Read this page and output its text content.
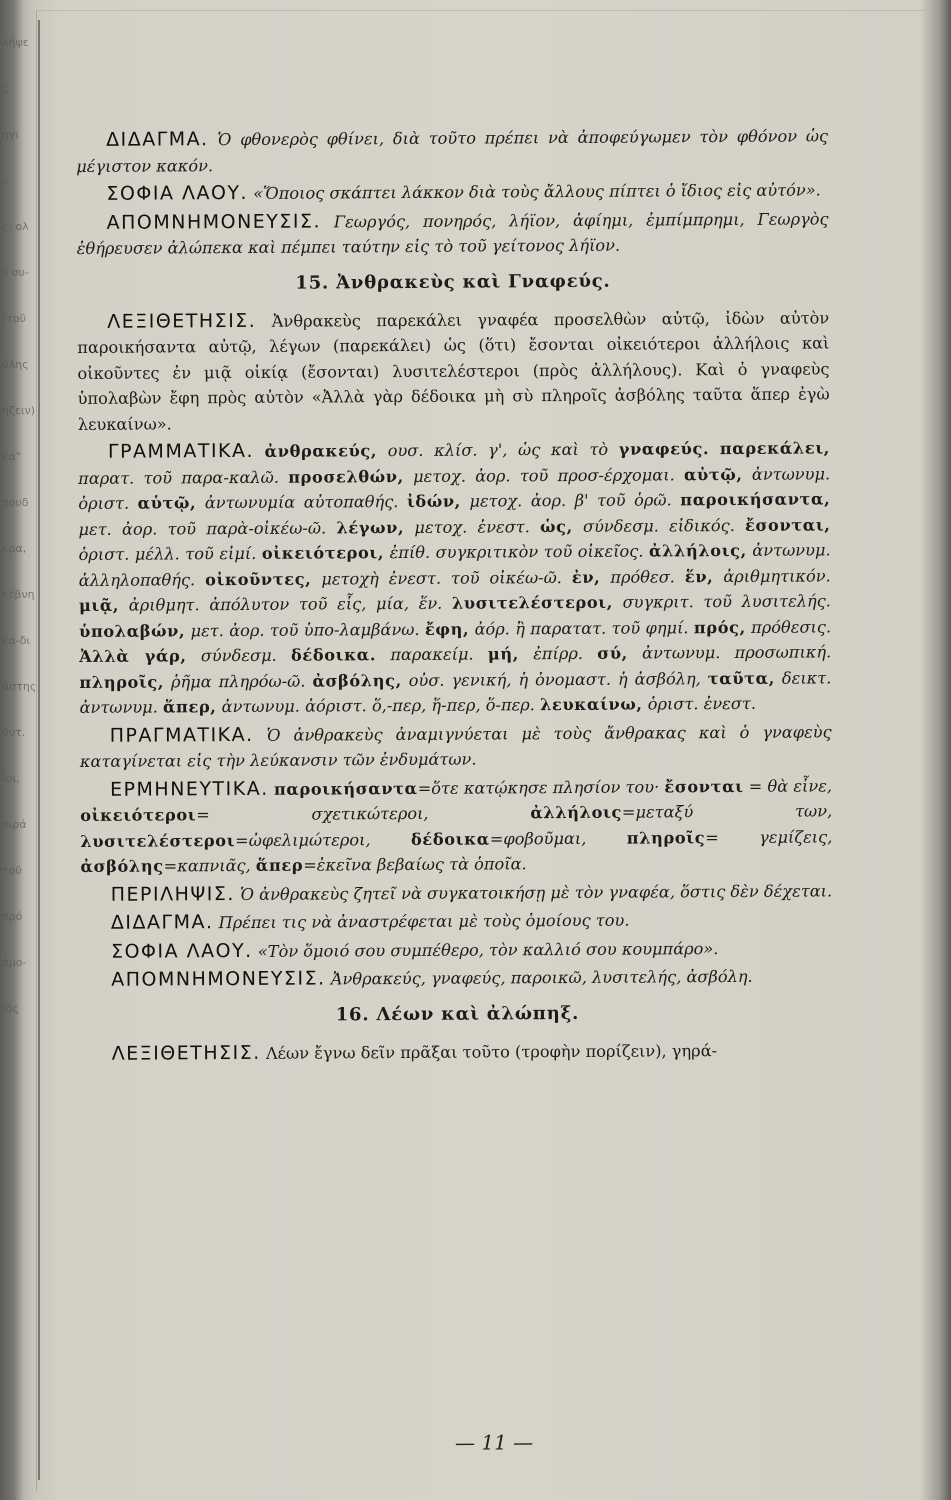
λήψε
ς
ηγι
ν
ς, ολ
ν συ-
(τοῦ
όλης
ήζειν)
κα"
πουδ
κρα,
κέβνη
κα-δι
ἀστης
θυτ.
ΐοι,
πιρά
τοῦ
πρό
ὁμο-
ἰός

ΔΙΔΑΓΜΑ. Ὁ φθονερὸς φθίνει, διὰ τοῦτο πρέπει νὰ ἀποφεύγωμεν τὸν φθόνον ὡς μέγιστον κακόν.

ΣΟΦΙΑ ΛΑΟΥ. «Ὅποιος σκάπτει λάκκον διὰ τοὺς ἄλλους πίπτει ὁ ἴδιος εἰς αὐτόν».

ΑΠΟΜΝΗΜΟΝΕΥΣΙΣ. Γεωργός, πονηρός, λήϊον, ἀφίημι, ἐμπίμπρημι, Γεωργὸς ἐθήρευσεν ἀλώπεκα καὶ πέμπει ταύτην εἰς τὸ τοῦ γείτονος λήϊον.

15. Ἀνθρακεὺς καὶ Γναφεύς.

ΛΕΞΙΘΕΤΗΣΙΣ. Ἀνθρακεὺς παρεκάλει γναφέα προσελθὼν αὐτῷ, ἰδὼν αὐτὸν παροικήσαντα αὐτῷ, λέγων (παρεκάλει) ὡς (ὅτι) ἔσονται οἰκειότεροι ἀλλήλοις καὶ οἰκοῦντες ἐν μιᾷ οἰκίᾳ (ἔσονται) λυσιτελέστεροι (πρὸς ἀλλήλους). Καὶ ὁ γναφεὺς ὑπολαβὼν ἔφη πρὸς αὐτὸν «Ἀλλὰ γὰρ δέδοικα μὴ σὺ πληροῖς ἀσβόλης ταῦτα ἅπερ ἐγὼ λευκαίνω».

ΓΡΑΜΜΑΤΙΚΑ. ἀνθρακεύς, ουσ. κλίσ. γ', ὡς καὶ τὸ γναφεύς. παρεκάλει, παρατ. τοῦ παρα-καλῶ. προσελθών, μετοχ. ἀορ. τοῦ προσ-έρχομαι. αὐτῷ, ἀντωνυμ. ὁριστ. αὑτῷ, ἀντωνυμία αὐτοπαθής. ἰδών, μετοχ. ἀορ. β' τοῦ ὁρῶ. παροικήσαντα, μετ. ἀορ. τοῦ παρὰ-οἰκέω-ῶ. λέγων, μετοχ. ἐνεστ. ὡς, σύνδεσμ. εἰδικός. ἔσονται, ὁριστ. μέλλ. τοῦ εἰμί. οἰκειότεροι, ἐπίθ. συγκριτικὸν τοῦ οἰκεῖος. ἀλλήλοις, ἀντωνυμ. ἀλληλοπαθής. οἰκοῦντες, μετοχὴ ἐνεστ. τοῦ οἰκέω-ῶ. ἐν, πρόθεσ. ἕν, ἀριθμητικόν. μιᾷ, ἀριθμητ. ἀπόλυτον τοῦ εἷς, μία, ἕν. λυσιτελέστεροι, συγκριτ. τοῦ λυσιτελής. ὑπολαβών, μετ. ἀορ. τοῦ ὑπο-λαμβάνω. ἔφη, ἀόρ. ἢ παρατατ. τοῦ φημί. πρός, πρόθεσις. Ἀλλὰ γάρ, σύνδεσμ. δέδοικα. παρακείμ. μή, ἐπίρρ. σύ, ἀντωνυμ. προσωπική. πληροῖς, ῥῆμα πληρόω-ῶ. ἀσβόλης, οὐσ. γενική, ἡ ὀνομαστ. ἡ ἀσβόλη, ταῦτα, δεικτ. ἀντωνυμ. ἅπερ, ἀντωνυμ. ἀόριστ. ὅ,-περ, ἥ-περ, ὅ-περ. λευκαίνω, ὁριστ. ἐνεστ.

ΠΡΑΓΜΑΤΙΚΑ. Ὁ ἀνθρακεὺς ἀναμιγνύεται μὲ τοὺς ἄνθρακας καὶ ὁ γναφεὺς καταγίνεται εἰς τὴν λεύκανσιν τῶν ἐνδυμάτων.

ΕΡΜΗΝΕΥΤΙΚΑ. παροικήσαντα=ὅτε κατῴκησε πλησίον του· ἔσονται = θὰ εἶνε, οἰκειότεροι= σχετικώτεροι, ἀλλήλοις=μεταξύ των, λυσιτελέστεροι=ὠφελιμώτεροι, δέδοικα=φοβοῦμαι, πληροῖς= γεμίζεις, ἀσβόλης=καπνιᾶς, ἅπερ=ἐκεῖνα βεβαίως τὰ ὁποῖα.

ΠΕΡΙΛΗΨΙΣ. Ὁ ἀνθρακεὺς ζητεῖ νὰ συγκατοικήσῃ μὲ τὸν γναφέα, ὅστις δὲν δέχεται.

ΔΙΔΑΓΜΑ. Πρέπει τις νὰ ἀναστρέφεται μὲ τοὺς ὁμοίους του.

ΣΟΦΙΑ ΛΑΟΥ. «Τὸν ὅμοιό σου συμπέθερο, τὸν καλλιό σου κουμπάρο».

ΑΠΟΜΝΗΜΟΝΕΥΣΙΣ. Ἀνθρακεύς, γναφεύς, παροικῶ, λυσιτελής, ἀσβόλη.

16. Λέων καὶ ἀλώπηξ.

ΛΕΞΙΘΕΤΗΣΙΣ. Λέων ἔγνω δεῖν πρᾶξαι τοῦτο (τροφὴν πορίζειν), γηρά-

— 11 —
